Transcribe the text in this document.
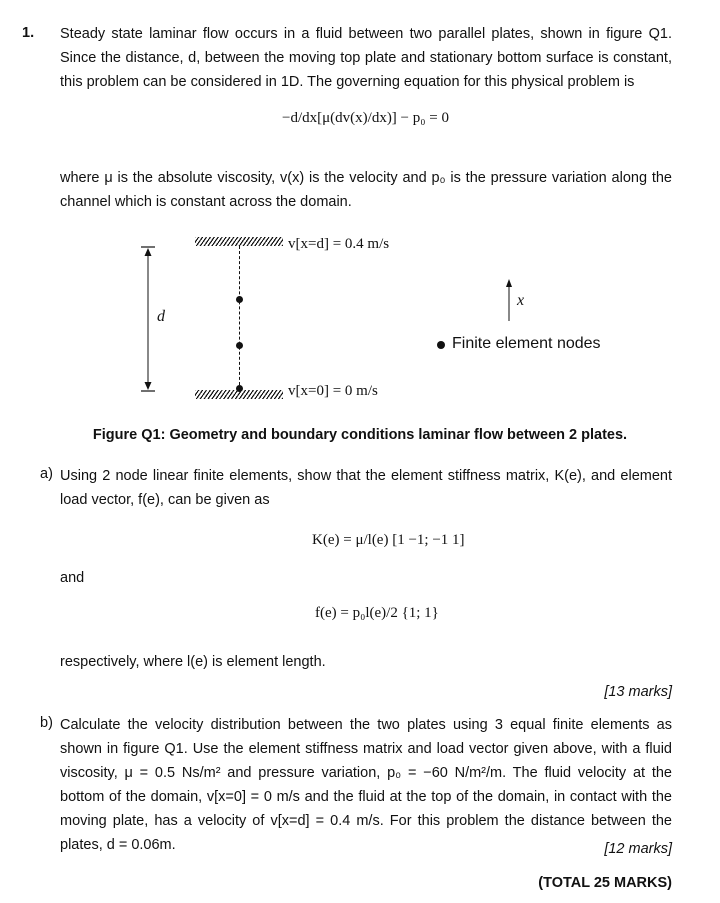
1. Steady state laminar flow occurs in a fluid between two parallel plates, shown in figure Q1. Since the distance, d, between the moving top plate and stationary bottom surface is constant, this problem can be considered in 1D. The governing equation for this physical problem is
−d/dx[μ(dv(x)/dx)] − p₀ = 0
where μ is the absolute viscosity, v(x) is the velocity and p₀ is the pressure variation along the channel which is constant across the domain.
d
v[x=d] = 0.4 m/s
v[x=0] = 0 m/s
x
Finite element nodes
Figure Q1: Geometry and boundary conditions laminar flow between 2 plates.
a) Using 2 node linear finite elements, show that the element stiffness matrix, K(e), and element load vector, f(e), can be given as
K(e) = μ/l(e) [1 −1; −1 1]
and
f(e) = p₀l(e)/2 {1; 1}
respectively, where l(e) is element length.
[13 marks]
b) Calculate the velocity distribution between the two plates using 3 equal finite elements as shown in figure Q1. Use the element stiffness matrix and load vector given above, with a fluid viscosity, μ = 0.5 Ns/m² and pressure variation, p₀ = −60 N/m²/m. The fluid velocity at the bottom of the domain, v[x=0] = 0 m/s and the fluid at the top of the domain, in contact with the moving plate, has a velocity of v[x=d] = 0.4 m/s. For this problem the distance between the plates, d = 0.06m.	[12 marks]
(TOTAL 25 MARKS)
